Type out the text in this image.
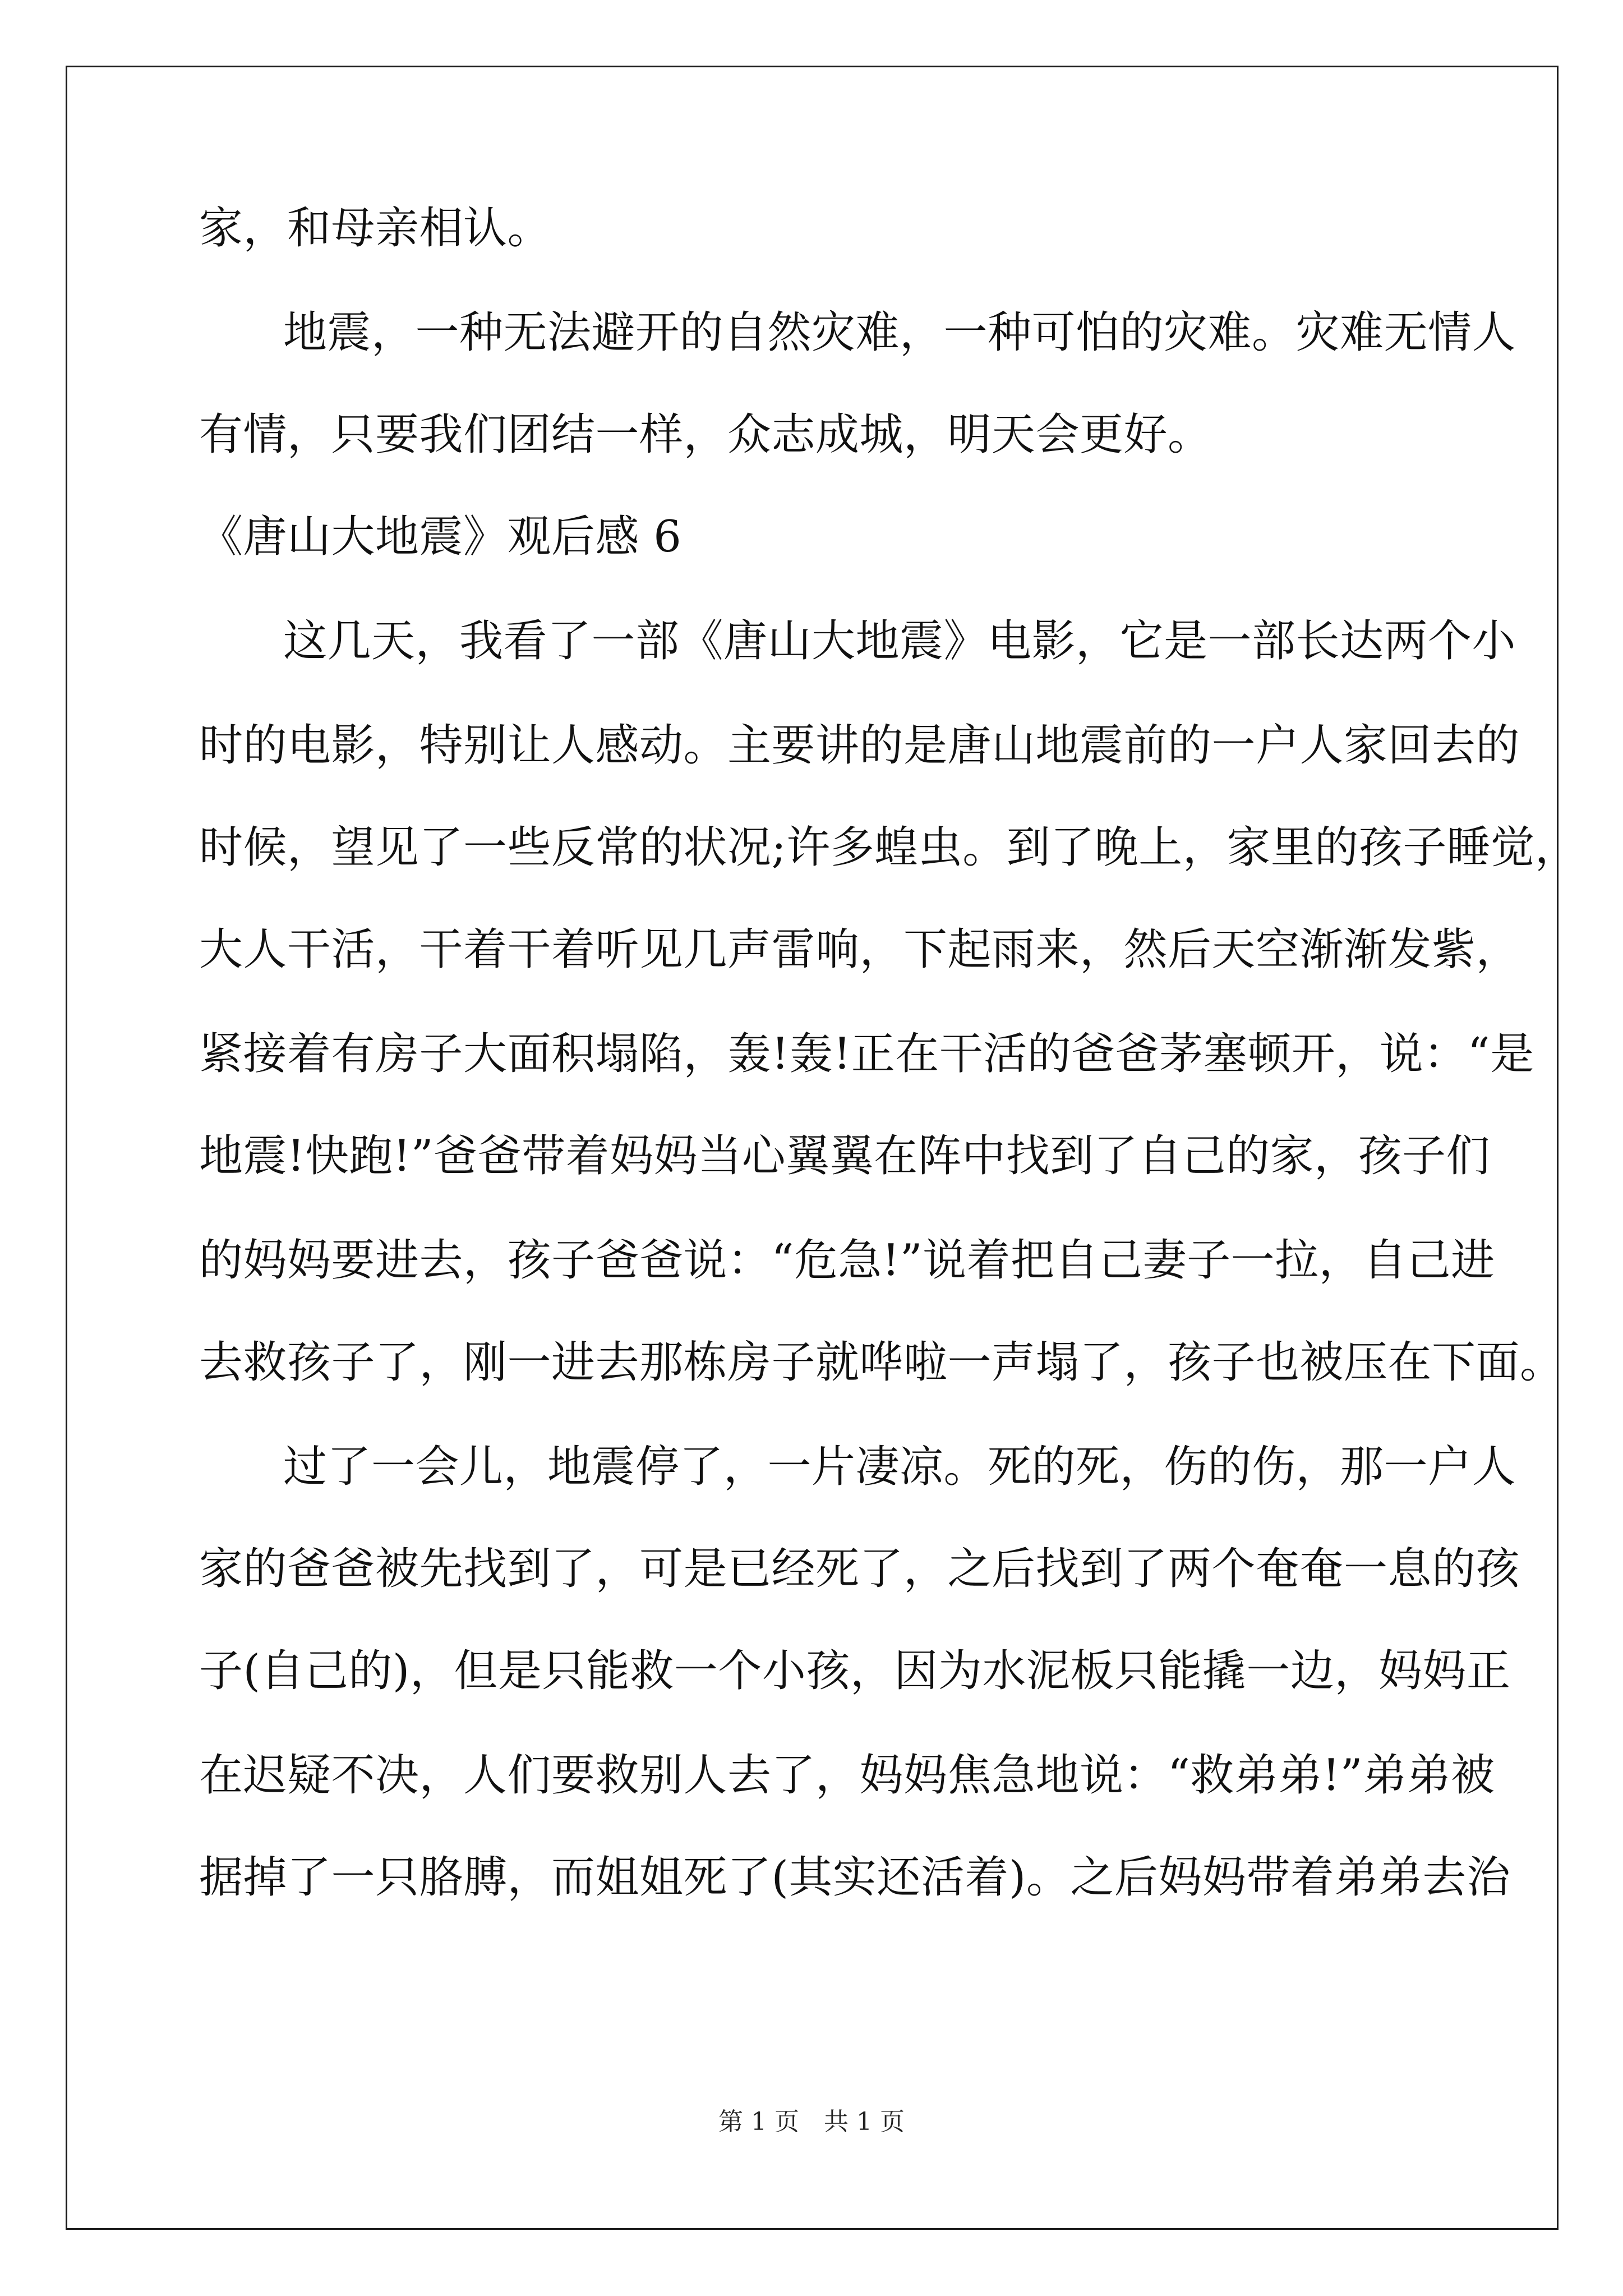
家，和母亲相认。
地震，一种无法避开的自然灾难，一种可怕的灾难。灾难无情人
有情，只要我们团结一样，众志成城，明天会更好。
《唐山大地震》观后感 6
这几天，我看了一部《唐山大地震》电影，它是一部长达两个小
时的电影，特别让人感动。主要讲的是唐山地震前的一户人家回去的
时候，望见了一些反常的状况;许多蝗虫。到了晚上，家里的孩子睡觉，
大人干活，干着干着听见几声雷响，下起雨来，然后天空渐渐发紫，
紧接着有房子大面积塌陷，轰!轰!正在干活的爸爸茅塞顿开，说：“是
地震!快跑!”爸爸带着妈妈当心翼翼在阵中找到了自己的家，孩子们
的妈妈要进去，孩子爸爸说：“危急!”说着把自己妻子一拉，自己进
去救孩子了，刚一进去那栋房子就哗啦一声塌了，孩子也被压在下面。
过了一会儿，地震停了，一片凄凉。死的死，伤的伤，那一户人
家的爸爸被先找到了，可是已经死了，之后找到了两个奄奄一息的孩
子(自己的)，但是只能救一个小孩，因为水泥板只能撬一边，妈妈正
在迟疑不决，人们要救别人去了，妈妈焦急地说：“救弟弟!”弟弟被
据掉了一只胳膊，而姐姐死了(其实还活着)。之后妈妈带着弟弟去治
第 1 页　共 1 页
